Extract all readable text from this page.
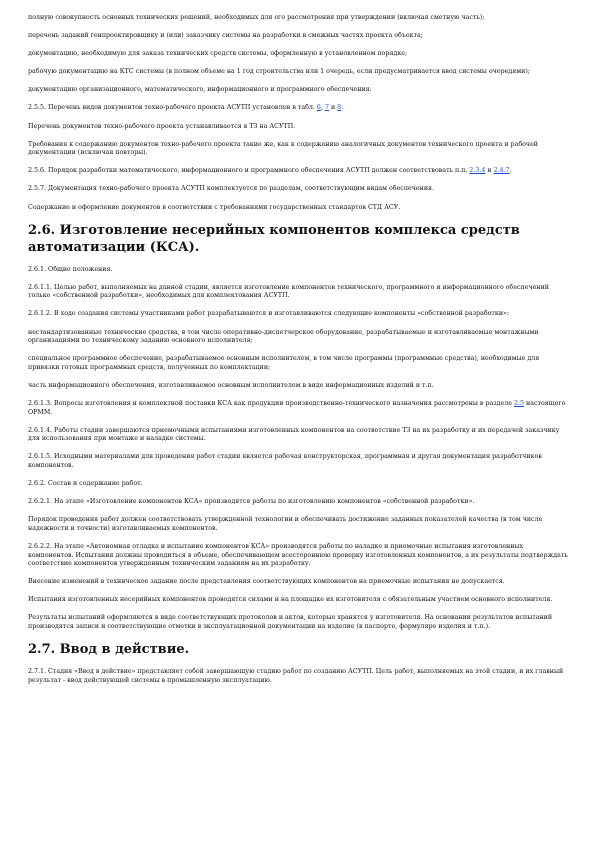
полную совокупность основных технических решений, необходимых для его рассмотрения при утверждении (включая сметную часть);

перечень заданий генпроектировщику и (или) заказчику системы на разработки в смежных частях проекта объекта;

документацию, необходимую для заказа технических средств системы, оформленную в установленном порядке;

рабочую документацию на КТС системы (в полном объеме на 1 год строительства или 1 очередь, если предусматривается ввод системы очередями);

документацию организационного, математического, информационного и программного обеспечения.

2.5.5. Перечень видов документов техно-рабочего проекта АСУТП установлен в табл. 6, 7 и 8.

Перечень документов техно-рабочего проекта устанавливается в ТЗ на АСУТП.

Требования к содержанию документов техно-рабочего проекта такие же, как к содержанию аналогичных документов технического проекта и рабочей документации (исключая повторы).

2.5.6. Порядок разработки математического, информационного и программного обеспечения АСУТП должен соответствовать п.п. 2.3.4 и 2.4.7.

2.5.7. Документация техно-рабочего проекта АСУТП комплектуется по разделам, соответствующим видам обеспечения.

Содержание и оформление документов в соответствии с требованиями государственных стандартов СТД АСУ.

2.6. Изготовление несерийных компонентов комплекса средств автоматизации (КСА).

2.6.1. Общие положения.

2.6.1.1. Целью работ, выполняемых на данной стадии, является изготовление компонентов технического, программного и информационного обеспечений только «собственной разработки», необходимых для комплектования АСУТП.

2.6.1.2. В ходе создания системы участниками работ разрабатываются и изготавливаются следующие компоненты «собственной разработки»:

нестандартизованные технические средства, в том числе оперативно-диспетчерское оборудование, разрабатываемые и изготавливаемые монтажными организациями по техническому заданию основного исполнителя;

специальное программное обеспечение, разрабатываемое основным исполнителем, в том числе программы (программные средства), необходимые для привязки готовых программных средств, полученных по комплектации;

часть информационного обеспечения, изготавливаемое основным исполнителем в виде информационных изделий и т.п.

2.6.1.3. Вопросы изготовления и комплектной поставки КСА как продукции производственно-технического назначения рассмотрены в разделе 2.5 настоящего ОРММ.

2.6.1.4. Работы стадии завершаются приемочными испытаниями изготовленных компонентов на соответствие ТЗ на их разработку и их передачей заказчику для использования при монтаже и наладке системы.

2.6.1.5. Исходными материалами для проведения работ стадии является рабочая конструкторская, программная и другая документация разработчиков компонентов.

2.6.2. Состав и содержание работ.

2.6.2.1. На этапе «Изготовление компонентов КСА» производятся работы по изготовлению компонентов «собственной разработки».

Порядок проведения работ должен соответствовать утвержденной технологии и обеспечивать достижение заданных показателей качества (в том числе надежности и точности) изготавливаемых компонентов.

2.6.2.2. На этапе «Автономная отладка и испытание компонентов КСА» производятся работы по наладке и приемочные испытания изготовленных компонентов. Испытания должны проводиться в объеме, обеспечивающем всестороннюю проверку изготовленных компонентов, а их результаты подтверждать соответствие компонентов утвержденным техническим заданиям на их разработку.

Внесение изменений в техническое задание после представления соответствующих компонентов на приемочные испытания не допускается.

Испытания изготовленных несерийных компонентов проводятся силами и на площадке их изготовителя с обязательным участием основного исполнителя.

Результаты испытаний оформляются в виде соответствующих протоколов и актов, которые хранятся у изготовителя. На основании результатов испытаний производятся записи и соответствующие отметки в эксплуатационной документации на изделие (в паспорте, формуляре изделия и т.п.).

2.7. Ввод в действие.

2.7.1. Стадия «Ввод в действие» представляет собой завершающую стадию работ по созданию АСУТП. Цель работ, выполняемых на этой стадии, и их главный результат - ввод действующей системы в промышленную эксплуатацию.
